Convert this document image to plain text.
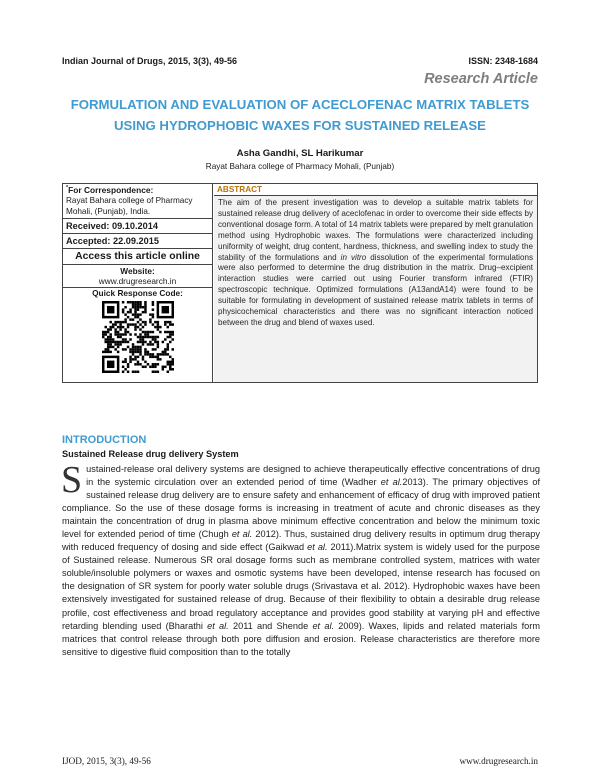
Indian Journal of Drugs, 2015, 3(3), 49-56	ISSN: 2348-1684
Research Article
FORMULATION AND EVALUATION OF ACECLOFENAC MATRIX TABLETS USING HYDROPHOBIC WAXES FOR SUSTAINED RELEASE
Asha Gandhi, SL Harikumar
Rayat Bahara college of Pharmacy Mohali, (Punjab)
*For Correspondence:
Rayat Bahara college of Pharmacy Mohali, (Punjab), India.
Received: 09.10.2014
Accepted: 22.09.2015
Access this article online
Website:
www.drugresearch.in
Quick Response Code:
ABSTRACT
The aim of the present investigation was to develop a suitable matrix tablets for sustained release drug delivery of aceclofenac in order to overcome their side effects by conventional dosage form. A total of 14 matrix tablets were prepared by melt granulation method using Hydrophobic waxes. The formulations were characterized including uniformity of weight, drug content, hardness, thickness, and swelling index to study the stability of the formulations and in vitro dissolution of the experimental formulations were also performed to determine the drug distribution in the matrix. Drug–excipient interaction studies were carried out using Fourier transform infrared (FTIR) spectroscopic technique. Optimized formulations (A13andA14) were found to be suitable for formulating in development of sustained release matrix tablets in terms of physicochemical characteristics and there was no significant interaction noticed between the drug and blend of waxes used.
INTRODUCTION
Sustained Release drug delivery System
Sustained-release oral delivery systems are designed to achieve therapeutically effective concentrations of drug in the systemic circulation over an extended period of time (Wadher et al.2013). The primary objectives of sustained release drug delivery are to ensure safety and enhancement of efficacy of drug with improved patient compliance. So the use of these dosage forms is increasing in treatment of acute and chronic diseases as they maintain the concentration of drug in plasma above minimum effective concentration and below the minimum toxic level for extended period of time (Chugh et al. 2012). Thus, sustained drug delivery results in optimum drug therapy with reduced frequency of dosing and side effect (Gaikwad et al. 2011).Matrix system is widely used for the purpose of Sustained release. Numerous SR oral dosage forms such as membrane controlled system, matrices with water soluble/insoluble polymers or waxes and osmotic systems have been developed, intense research has focused on the designation of SR system for poorly water soluble drugs (Srivastava et al. 2012). Hydrophobic waxes have been extensively investigated for sustained release of drug. Because of their flexibility to obtain a desirable drug release profile, cost effectiveness and broad regulatory acceptance and provides good stability at varying pH and effective retarding blending used (Bharathi et al. 2011 and Shende et al. 2009). Waxes, lipids and related materials form matrices that control release through both pore diffusion and erosion. Release characteristics are therefore more sensitive to digestive fluid composition than to the totally
IJOD, 2015, 3(3), 49-56	www.drugresearch.in
